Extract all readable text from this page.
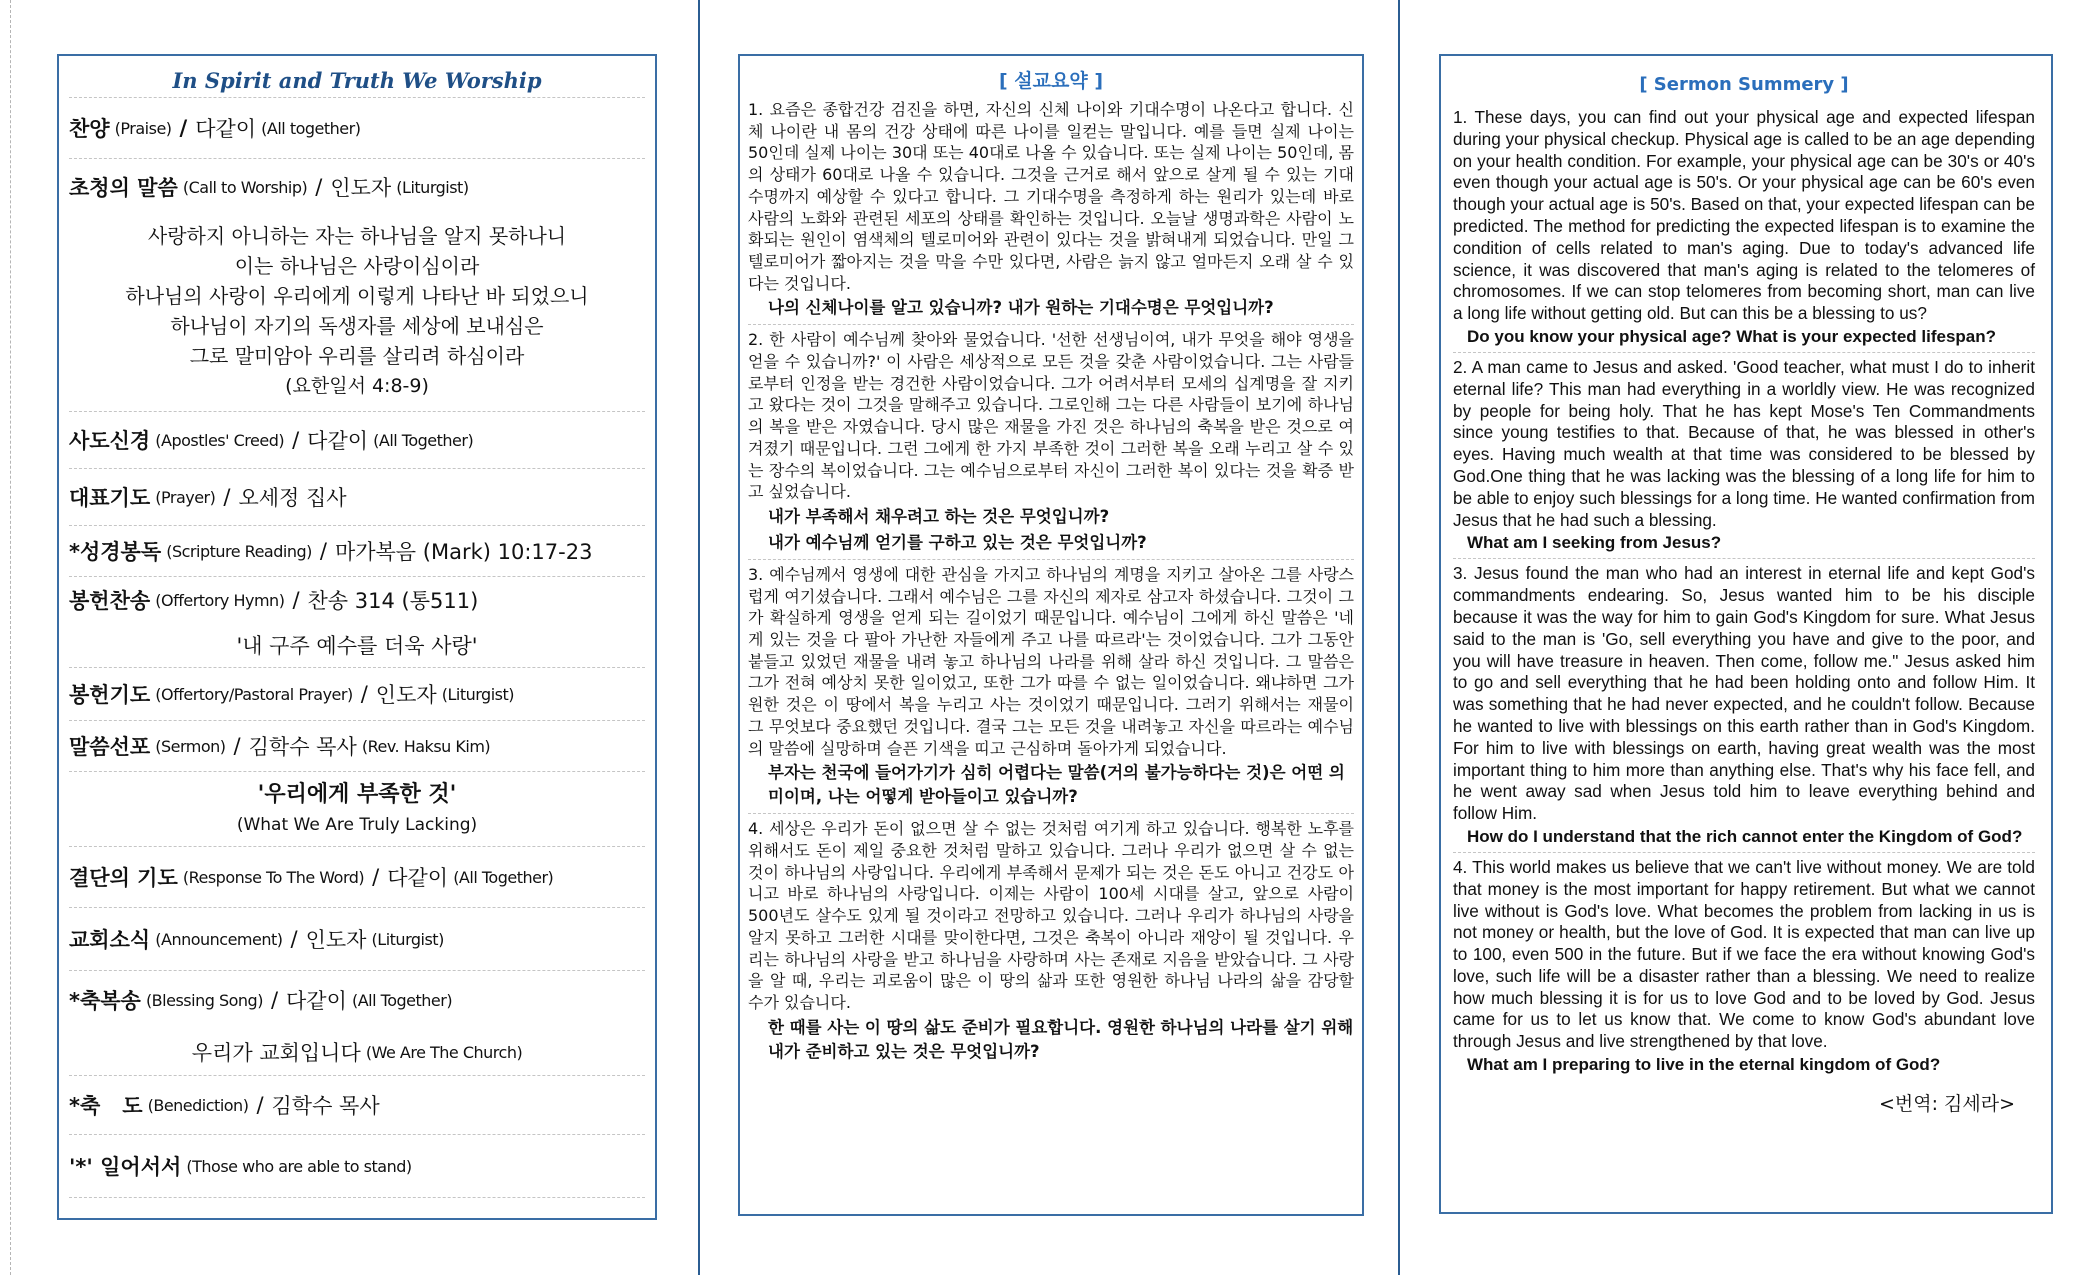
In Spirit and Truth We Worship
찬양
(Praise) / 다같이
(All together)
초청의 말씀
(Call to Worship) / 인도자
(Liturgist)
사랑하지 아니하는 자는 하나님을 알지 못하나니
이는 하나님은 사랑이심이라
하나님의 사랑이 우리에게 이렇게 나타난 바 되었으니
하나님이 자기의 독생자를 세상에 보내심은
그로 말미암아 우리를 살리려 하심이라
(요한일서 4:8-9)
사도신경
(Apostles' Creed) / 다같이
(All Together)
대표기도
(Prayer) / 오세정 집사
*성경봉독
(Scripture Reading) / 마가복음 (Mark) 10:17-23
봉헌찬송
(Offertory Hymn) / 찬송 314 (통511)
'내 구주 예수를 더욱 사랑'
봉헌기도
(Offertory/Pastoral Prayer) / 인도자
(Liturgist)
말씀선포
(Sermon) / 김학수 목사
(Rev. Haksu Kim)
'우리에게 부족한 것'
(What We Are Truly Lacking)
결단의 기도
(Response To The Word) / 다같이
(All Together)
교회소식
(Announcement) / 인도자
(Liturgist)
*축복송
(Blessing Song) / 다같이
(All Together)
우리가 교회입니다
(We Are The Church)
*축   도
(Benediction) / 김학수 목사
'*' 일어서서
(Those who are able to stand)
[ 설교요약 ]

1. 요즘은 종합건강 검진을 하면, 자신의 신체 나이와 기대수명이 나온다고 합니다. 신체 나이란 내 몸의 건강 상태에 따른 나이를 일컫는 말입니다. 예를 들면 실제 나이는 50인데 실제 나이는 30대 또는 40대로 나올 수 있습니다. 또는 실제 나이는 50인데, 몸의 상태가 60대로 나올 수 있습니다. 그것을 근거로 해서 앞으로 살게 될 수 있는 기대수명까지 예상할 수 있다고 합니다. 그 기대수명을 측정하게 하는 원리가 있는데 바로 사람의 노화와 관련된 세포의 상태를 확인하는 것입니다. 오늘날 생명과학은 사람이 노화되는 원인이 염색체의 텔로미어와 관련이 있다는 것을 밝혀내게 되었습니다. 만일 그 텔로미어가 짧아지는 것을 막을 수만 있다면, 사람은 늙지 않고 얼마든지 오래 살 수 있다는 것입니다.

나의 신체나이를 알고 있습니까? 내가 원하는 기대수명은 무엇입니까?

2. 한 사람이 예수님께 찾아와 물었습니다. '선한 선생님이여, 내가 무엇을 해야 영생을 얻을 수 있습니까?' 이 사람은 세상적으로 모든 것을 갖춘 사람이었습니다. 그는 사람들로부터 인정을 받는 경건한 사람이었습니다. 그가 어려서부터 모세의 십계명을 잘 지키고 왔다는 것이 그것을 말해주고 있습니다. 그로인해 그는 다른 사람들이 보기에 하나님의 복을 받은 자였습니다. 당시 많은 재물을 가진 것은 하나님의 축복을 받은 것으로 여겨졌기 때문입니다. 그런 그에게 한 가지 부족한 것이 그러한 복을 오래 누리고 살 수 있는 장수의 복이었습니다. 그는 예수님으로부터 자신이 그러한 복이 있다는 것을 확증 받고 싶었습니다.

내가 부족해서 채우려고 하는 것은 무엇입니까?
내가 예수님께 얻기를 구하고 있는 것은 무엇입니까?

3. 예수님께서 영생에 대한 관심을 가지고 하나님의 계명을 지키고 살아온 그를 사랑스럽게 여기셨습니다. 그래서 예수님은 그를 자신의 제자로 삼고자 하셨습니다. 그것이 그가 확실하게 영생을 얻게 되는 길이었기 때문입니다. 예수님이 그에게 하신 말씀은 '네게 있는 것을 다 팔아 가난한 자들에게 주고 나를 따르라'는 것이었습니다. 그가 그동안 붙들고 있었던 재물을 내려 놓고 하나님의 나라를 위해 살라 하신 것입니다. 그 말씀은 그가 전혀 예상치 못한 일이었고, 또한 그가 따를 수 없는 일이었습니다. 왜냐하면 그가 원한 것은 이 땅에서 복을 누리고 사는 것이었기 때문입니다. 그러기 위해서는 재물이 그 무엇보다 중요했던 것입니다. 결국 그는 모든 것을 내려놓고 자신을 따르라는 예수님의 말씀에 실망하며 슬픈 기색을 띠고 근심하며 돌아가게 되었습니다.

부자는 천국에 들어가기가 심히 어렵다는 말씀(거의 불가능하다는 것)은 어떤 의미이며, 나는 어떻게 받아들이고 있습니까?

4. 세상은 우리가 돈이 없으면 살 수 없는 것처럼 여기게 하고 있습니다. 행복한 노후를 위해서도 돈이 제일 중요한 것처럼 말하고 있습니다. 그러나 우리가 없으면 살 수 없는 것이 하나님의 사랑입니다. 우리에게 부족해서 문제가 되는 것은 돈도 아니고 건강도 아니고 바로 하나님의 사랑입니다. 이제는 사람이 100세 시대를 살고, 앞으로 사람이 500년도 살수도 있게 될 것이라고 전망하고 있습니다. 그러나 우리가 하나님의 사랑을 알지 못하고 그러한 시대를 맞이한다면, 그것은 축복이 아니라 재앙이 될 것입니다. 우리는 하나님의 사랑을 받고 하나님을 사랑하며 사는 존재로 지음을 받았습니다. 그 사랑을 알 때, 우리는 괴로움이 많은 이 땅의 삶과 또한 영원한 하나님 나라의 삶을 감당할 수가 있습니다.

한 때를 사는 이 땅의 삶도 준비가 필요합니다. 영원한 하나님의 나라를 살기 위해 내가 준비하고 있는 것은 무엇입니까?
[ Sermon Summery ]

1. These days, you can find out your physical age and expected lifespan during your physical checkup. Physical age is called to be an age depending on your health condition. For example, your physical age can be 30's or 40's even though your actual age is 50's. Or your physical age can be 60's even though your actual age is 50's. Based on that, your expected lifespan can be predicted. The method for predicting the expected lifespan is to examine the condition of cells related to man's aging. Due to today's advanced life science, it was discovered that man's aging is related to the telomeres of chromosomes. If we can stop telomeres from becoming short, man can live a long life without getting old. But can this be a blessing to us?

Do you know your physical age? What is your expected lifespan?

2. A man came to Jesus and asked. 'Good teacher, what must I do to inherit eternal life? This man had everything in a worldly view. He was recognized by people for being holy. That he has kept Mose's Ten Commandments since young testifies to that. Because of that, he was blessed in other's eyes. Having much wealth at that time was considered to be blessed by God.One thing that he was lacking was the blessing of a long life for him to be able to enjoy such blessings for a long time. He wanted confirmation from Jesus that he had such a blessing.

What am I seeking from Jesus?

3. Jesus found the man who had an interest in eternal life and kept God's commandments endearing. So, Jesus wanted him to be his disciple because it was the way for him to gain God's Kingdom for sure. What Jesus said to the man is 'Go, sell everything you have and give to the poor, and you will have treasure in heaven. Then come, follow me." Jesus asked him to go and sell everything that he had been holding onto and follow Him. It was something that he had never expected, and he couldn't follow. Because he wanted to live with blessings on this earth rather than in God's Kingdom. For him to live with blessings on earth, having great wealth was the most important thing to him more than anything else. That's why his face fell, and he went away sad when Jesus told him to leave everything behind and follow Him.

How do I understand that the rich cannot enter the Kingdom of God?

4. This world makes us believe that we can't live without money. We are told that money is the most important for happy retirement. But what we cannot live without is God's love. What becomes the problem from lacking in us is not money or health, but the love of God. It is expected that man can live up to 100, even 500 in the future. But if we face the era without knowing God's love, such life will be a disaster rather than a blessing. We need to realize how much blessing it is for us to love God and to be loved by God. Jesus came for us to let us know that. We come to know God's abundant love through Jesus and live strengthened by that love.

What am I preparing to live in the eternal kingdom of God?
<번역: 김세라>
